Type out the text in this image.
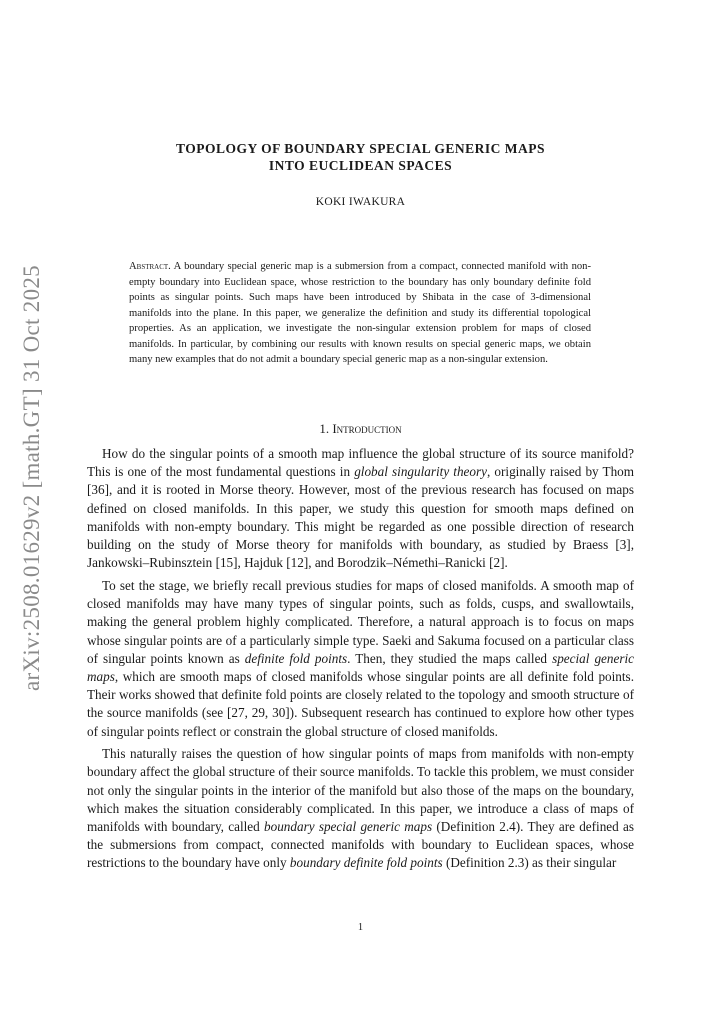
arXiv:2508.01629v2 [math.GT] 31 Oct 2025
TOPOLOGY OF BOUNDARY SPECIAL GENERIC MAPS
INTO EUCLIDEAN SPACES
KOKI IWAKURA
Abstract. A boundary special generic map is a submersion from a compact, connected manifold with non-empty boundary into Euclidean space, whose restriction to the boundary has only boundary definite fold points as singular points. Such maps have been introduced by Shibata in the case of 3-dimensional manifolds into the plane. In this paper, we generalize the definition and study its differential topological properties. As an application, we investigate the non-singular extension problem for maps of closed manifolds. In particular, by combining our results with known results on special generic maps, we obtain many new examples that do not admit a boundary special generic map as a non-singular extension.
1. Introduction

How do the singular points of a smooth map influence the global structure of its source manifold? This is one of the most fundamental questions in global singularity theory, originally raised by Thom [36], and it is rooted in Morse theory. However, most of the previous research has focused on maps defined on closed manifolds. In this paper, we study this question for smooth maps defined on manifolds with non-empty boundary. This might be regarded as one possible direction of research building on the study of Morse theory for manifolds with boundary, as studied by Braess [3], Jankowski–Rubinsztein [15], Hajduk [12], and Borodzik–Némethi–Ranicki [2].

To set the stage, we briefly recall previous studies for maps of closed manifolds. A smooth map of closed manifolds may have many types of singular points, such as folds, cusps, and swallowtails, making the general problem highly complicated. Therefore, a natural approach is to focus on maps whose singular points are of a particularly simple type. Saeki and Sakuma focused on a particular class of singular points known as definite fold points. Then, they studied the maps called special generic maps, which are smooth maps of closed manifolds whose singular points are all definite fold points. Their works showed that definite fold points are closely related to the topology and smooth structure of the source manifolds (see [27, 29, 30]). Subsequent research has continued to explore how other types of singular points reflect or constrain the global structure of closed manifolds.

This naturally raises the question of how singular points of maps from manifolds with non-empty boundary affect the global structure of their source manifolds. To tackle this problem, we must consider not only the singular points in the interior of the manifold but also those of the maps on the boundary, which makes the situation considerably complicated. In this paper, we introduce a class of maps of manifolds with boundary, called boundary special generic maps (Definition 2.4). They are defined as the submersions from compact, connected manifolds with boundary to Euclidean spaces, whose restrictions to the boundary have only boundary definite fold points (Definition 2.3) as their singular

1
